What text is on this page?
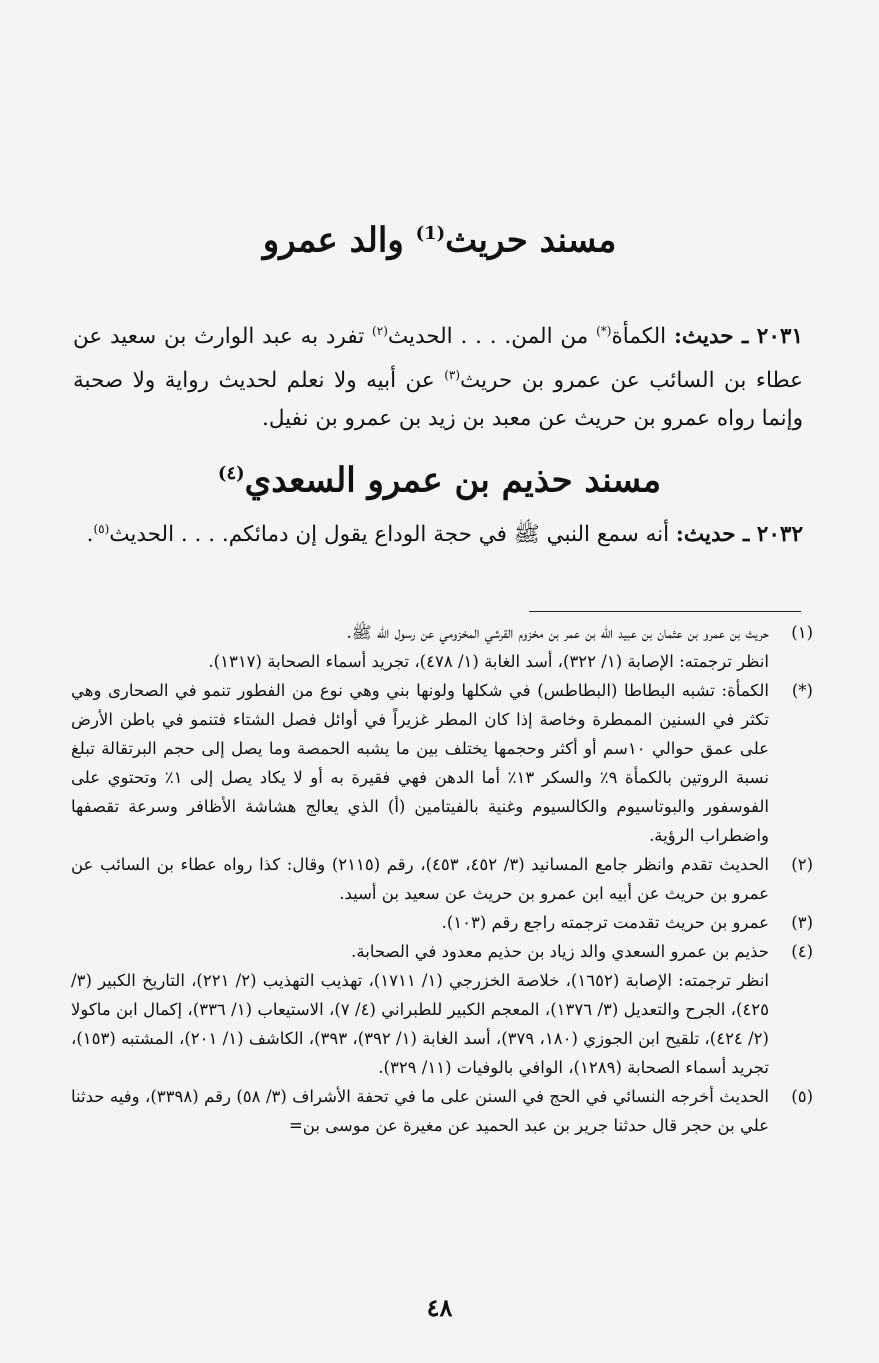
مسند حريث$^{(1)}$ والد عمرو

٢٠٣١ ـ حديث: الكمأة(*) من المن. . . . الحديث$^{(٢)}$ تفرد به عبد الوارث بن سعيد عن عطاء بن السائب عن عمرو بن حريث$^{(٣)}$ عن أبيه ولا نعلم لحديث رواية ولا صحبة وإنما رواه عمرو بن حريث عن معبد بن زيد بن عمرو بن نفيل.

مسند حذيم بن عمرو السعدي$^{(٤)}$

٢٠٣٢ ـ حديث: أنه سمع النبي ﷺ في حجة الوداع يقول إن دمائكم. . . . الحديث$^{(٥)}$.

(١)
حريث بن عمرو بن عثمان بن عبيد الله بن عمر بن مخزوم القرشي المخزومي عن رسول الله ﷺ.
انظر ترجمته: الإصابة (١/ ٣٢٢)، أسد الغابة (١/ ٤٧٨)، تجريد أسماء الصحابة (١٣١٧).

(*)
الكمأة: تشبه البطاطا (البطاطس) في شكلها ولونها بني وهي نوع من الفطور تنمو في الصحارى وهي تكثر في السنين الممطرة وخاصة إذا كان المطر غزيراً في أوائل فصل الشتاء فتنمو في باطن الأرض على عمق حوالي ١٠سم أو أكثر وحجمها يختلف بين ما يشبه الحمصة وما يصل إلى حجم البرتقالة تبلغ نسبة الروتين بالكمأة ٩٪ والسكر ١٣٪ أما الدهن فهي فقيرة به أو لا يكاد يصل إلى ١٪ وتحتوي على الفوسفور والبوتاسيوم والكالسيوم وغنية بالفيتامين (أ) الذي يعالج هشاشة الأظافر وسرعة تقصفها واضطراب الرؤية.

(٢)
الحديث تقدم وانظر جامع المسانيد (٣/ ٤٥٢، ٤٥٣)، رقم (٢١١٥) وقال: كذا رواه عطاء بن السائب عن عمرو بن حريث عن أبيه ابن عمرو بن حريث عن سعيد بن أسيد.

(٣)
عمرو بن حريث تقدمت ترجمته راجع رقم (١٠٣).

(٤)
حذيم بن عمرو السعدي والد زياد بن حذيم معدود في الصحابة.
انظر ترجمته: الإصابة (١٦٥٢)، خلاصة الخزرجي (١/ ١٧١١)، تهذيب التهذيب (٢/ ٢٢١)، التاريخ الكبير (٣/ ٤٢٥)، الجرح والتعديل (٣/ ١٣٧٦)، المعجم الكبير للطبراني (٤/ ٧)، الاستيعاب (١/ ٣٣٦)، إكمال ابن ماكولا (٢/ ٤٢٤)، تلقيح ابن الجوزي (١٨٠، ٣٧٩)، أسد الغابة (١/ ٣٩٢)، ٣٩٣)، الكاشف (١/ ٢٠١)، المشتبه (١٥٣)، تجريد أسماء الصحابة (١٢٨٩)، الوافي بالوفيات (١١/ ٣٢٩).

(٥)
الحديث أخرجه النسائي في الحج في السنن على ما في تحفة الأشراف (٣/ ٥٨) رقم (٣٣٩٨)، وفيه حدثنا علي بن حجر قال حدثنا جرير بن عبد الحميد عن مغيرة عن موسى بن=

٤٨
